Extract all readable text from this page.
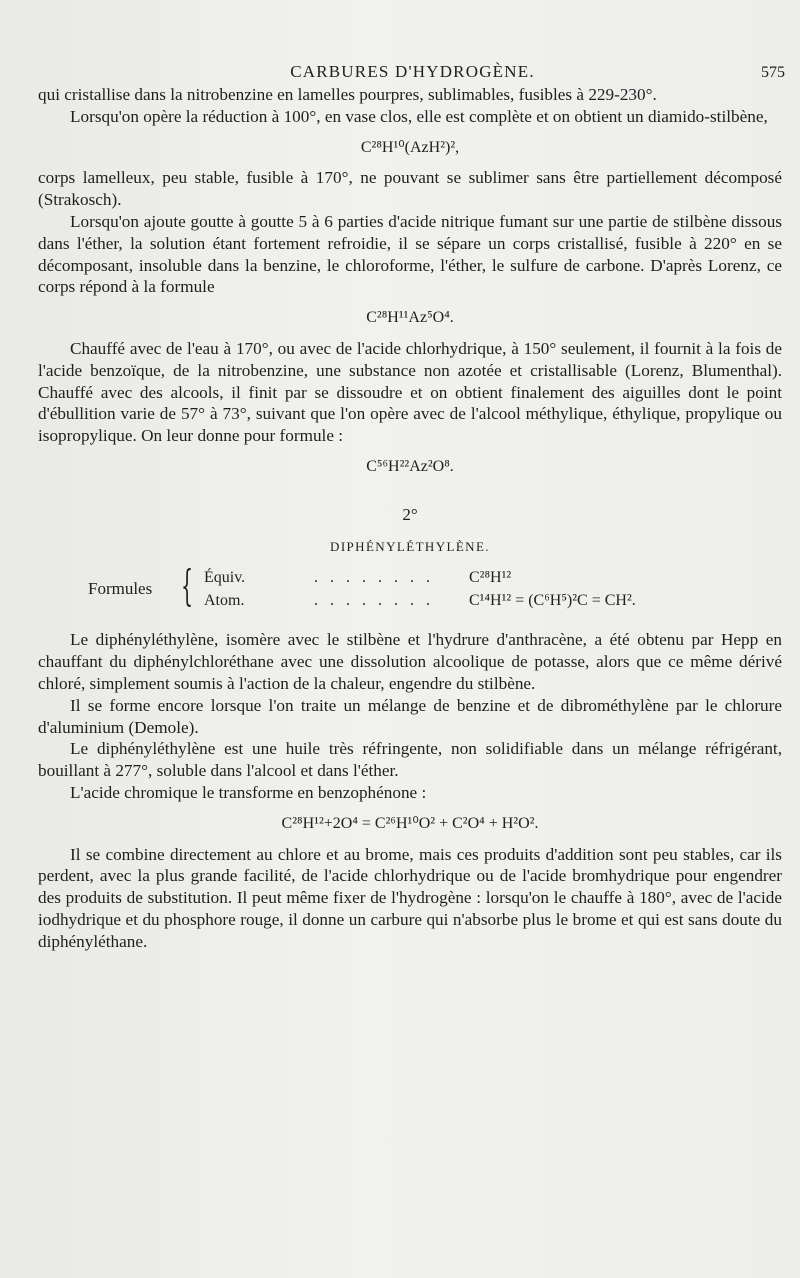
CARBURES D'HYDROGÈNE.	575

qui cristallise dans la nitrobenzine en lamelles pourpres, sublimables, fusibles à 229-230°.

Lorsqu'on opère la réduction à 100°, en vase clos, elle est complète et on obtient un diamido-stilbène,

C²⁸H¹⁰(AzH²)²,

corps lamelleux, peu stable, fusible à 170°, ne pouvant se sublimer sans être partiellement décomposé (Strakosch).

Lorsqu'on ajoute goutte à goutte 5 à 6 parties d'acide nitrique fumant sur une partie de stilbène dissous dans l'éther, la solution étant fortement refroidie, il se sépare un corps cristallisé, fusible à 220° en se décomposant, insoluble dans la benzine, le chloroforme, l'éther, le sulfure de carbone. D'après Lorenz, ce corps répond à la formule

C²⁸H¹¹Az⁵O⁴.

Chauffé avec de l'eau à 170°, ou avec de l'acide chlorhydrique, à 150° seulement, il fournit à la fois de l'acide benzoïque, de la nitrobenzine, une substance non azotée et cristallisable (Lorenz, Blumenthal). Chauffé avec des alcools, il finit par se dissoudre et on obtient finalement des aiguilles dont le point d'ébullition varie de 57° à 73°, suivant que l'on opère avec de l'alcool méthylique, éthylique, propylique ou isopropylique. On leur donne pour formule :

C⁵⁶H²²Az²O⁸.
2°
DIPHÉNYLÉTHYLÈNE.
Formules { Équiv.	. . . . . . . . C²⁸H¹²
Atom.	. . . . . . . . C¹⁴H¹² = (C⁶H⁵)²C = CH².

Le diphényléthylène, isomère avec le stilbène et l'hydrure d'anthracène, a été obtenu par Hepp en chauffant du diphénylchloréthane avec une dissolution alcoolique de potasse, alors que ce même dérivé chloré, simplement soumis à l'action de la chaleur, engendre du stilbène.

Il se forme encore lorsque l'on traite un mélange de benzine et de dibrométhylène par le chlorure d'aluminium (Demole).

Le diphényléthylène est une huile très réfringente, non solidifiable dans un mélange réfrigérant, bouillant à 277°, soluble dans l'alcool et dans l'éther.

L'acide chromique le transforme en benzophénone :

C²⁸H¹²+2O⁴ = C²⁶H¹⁰O² + C²O⁴ + H²O².

Il se combine directement au chlore et au brome, mais ces produits d'addition sont peu stables, car ils perdent, avec la plus grande facilité, de l'acide chlorhydrique ou de l'acide bromhydrique pour engendrer des produits de substitution. Il peut même fixer de l'hydrogène : lorsqu'on le chauffe à 180°, avec de l'acide iodhydrique et du phosphore rouge, il donne un carbure qui n'absorbe plus le brome et qui est sans doute du diphényléthane.
